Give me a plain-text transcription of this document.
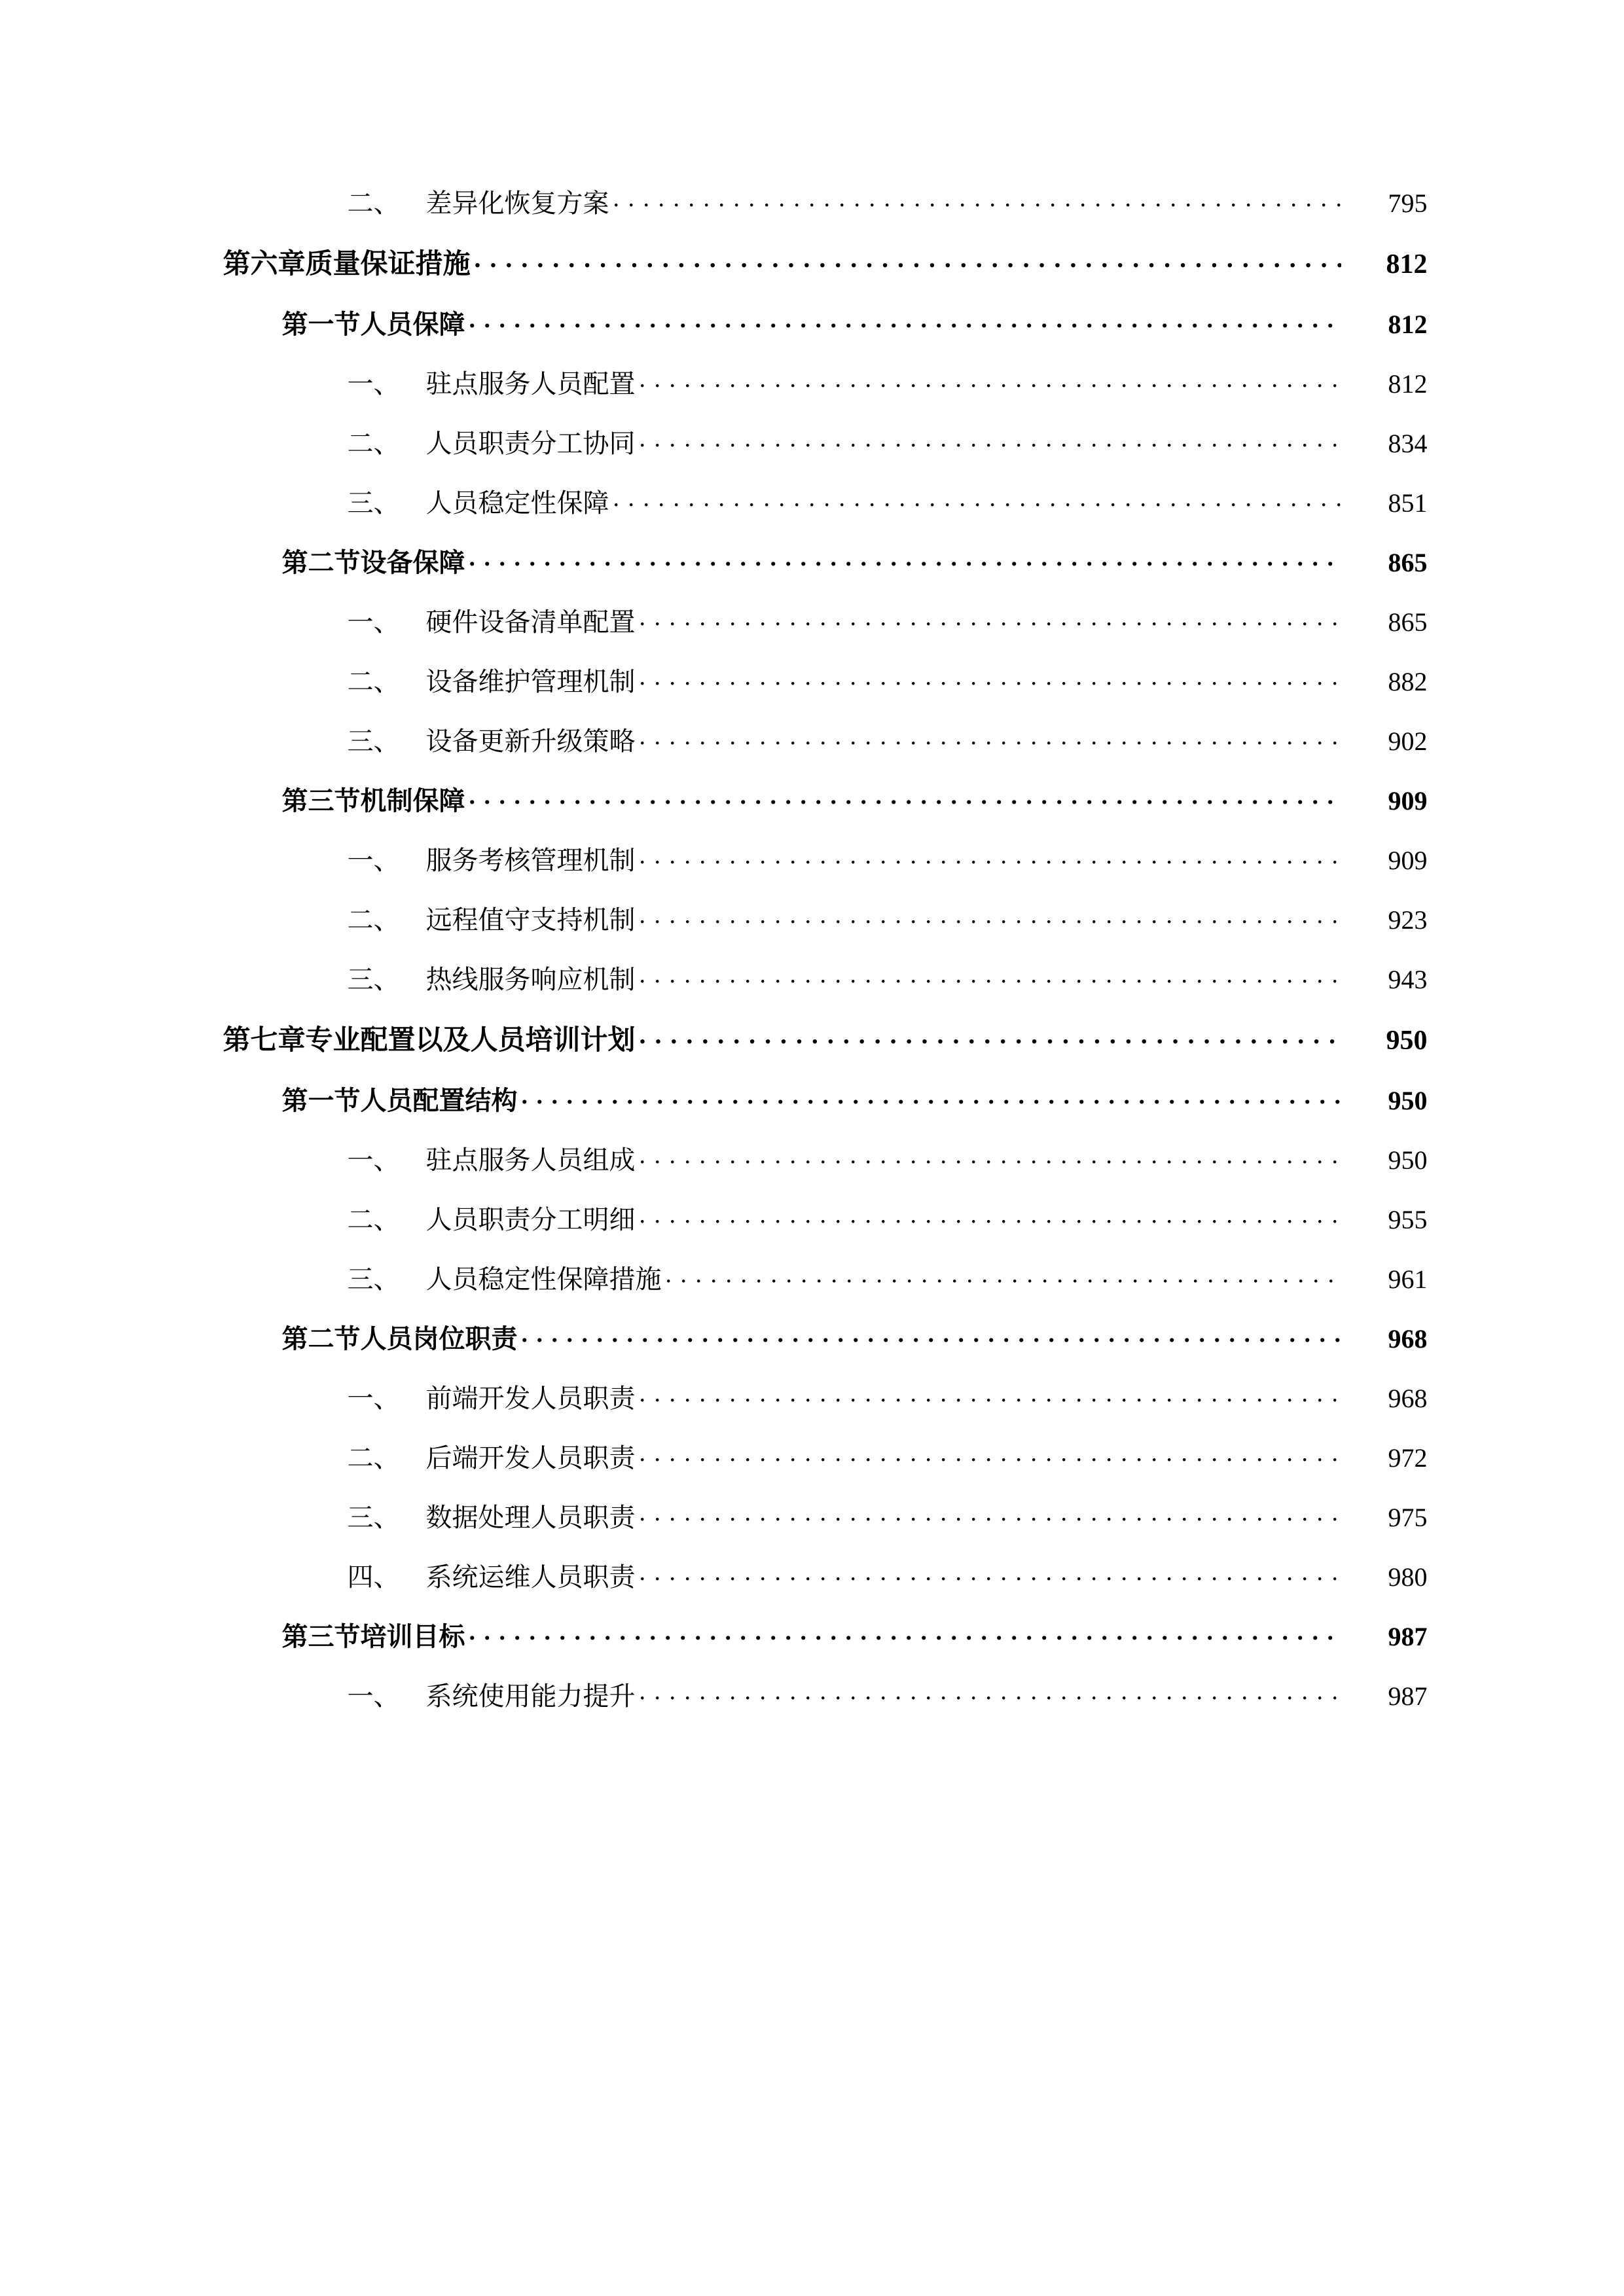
二、	差异化恢复方案 . . .	795
第六章 质量保证措施 . . .	812
第一节 人员保障 . . .	812
一、	驻点服务人员配置 . . .	812
二、	人员职责分工协同 . . .	834
三、	人员稳定性保障 . . .	851
第二节 设备保障 . . .	865
一、	硬件设备清单配置 . . .	865
二、	设备维护管理机制 . . .	882
三、	设备更新升级策略 . . .	902
第三节 机制保障 . . .	909
一、	服务考核管理机制 . . .	909
二、	远程值守支持机制 . . .	923
三、	热线服务响应机制 . . .	943
第七章 专业配置以及人员培训计划 . . .	950
第一节 人员配置结构 . . .	950
一、	驻点服务人员组成 . . .	950
二、	人员职责分工明细 . . .	955
三、	人员稳定性保障措施 . . .	961
第二节 人员岗位职责 . . .	968
一、	前端开发人员职责 . . .	968
二、	后端开发人员职责 . . .	972
三、	数据处理人员职责 . . .	975
四、	系统运维人员职责 . . .	980
第三节 培训目标 . . .	987
一、	系统使用能力提升 . . .	987
